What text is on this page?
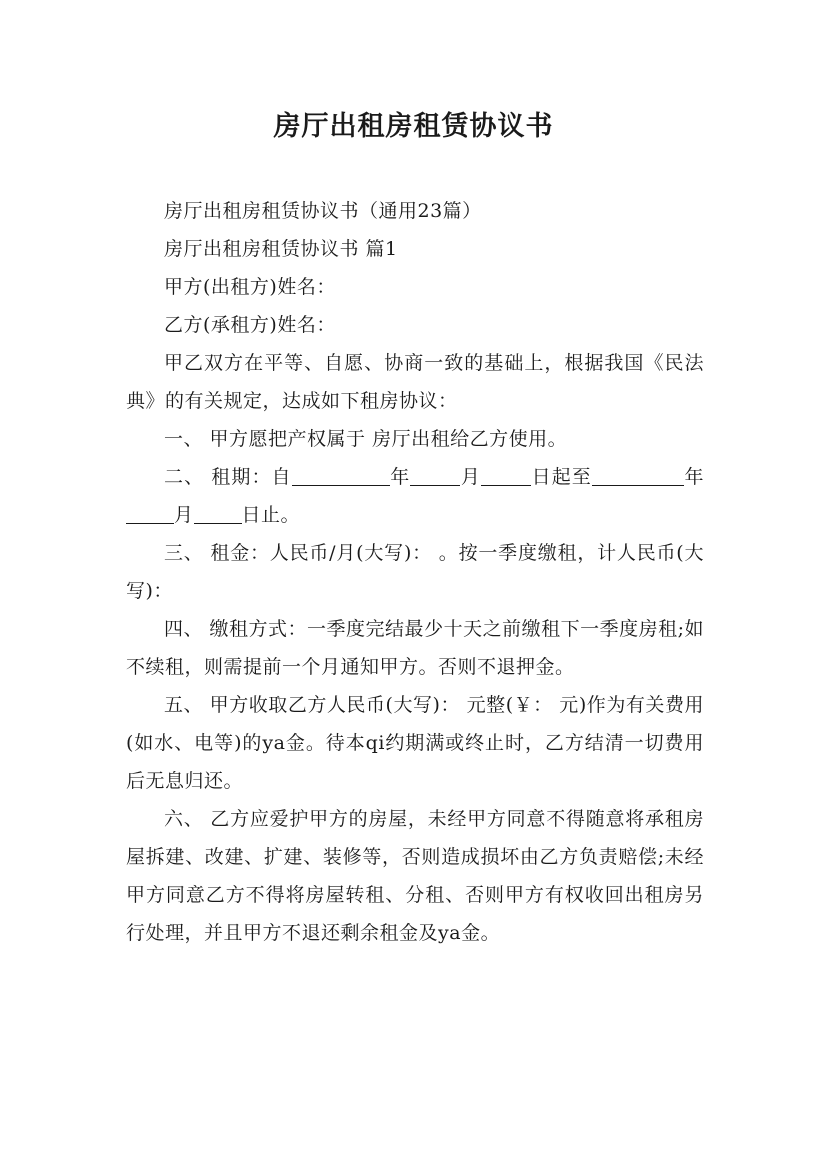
房厅出租房租赁协议书

房厅出租房租赁协议书（通用23篇）

房厅出租房租赁协议书 篇1

甲方(出租方)姓名：

乙方(承租方)姓名：

甲乙双方在平等、自愿、协商一致的基础上，根据我国《民法典》的有关规定，达成如下租房协议：

一、 甲方愿把产权属于 房厅出租给乙方使用。

二、 租期：自	年	月	日起至	年月	日止。

三、 租金：人民币/月(大写)： 。按一季度缴租，计人民币(大写)：

四、 缴租方式：一季度完结最少十天之前缴租下一季度房租;如不续租，则需提前一个月通知甲方。否则不退押金。

五、 甲方收取乙方人民币(大写)： 元整(￥： 元)作为有关费用(如水、电等)的ya金。待本qi约期满或终止时，乙方结清一切费用后无息归还。

六、 乙方应爱护甲方的房屋，未经甲方同意不得随意将承租房屋拆建、改建、扩建、装修等，否则造成损坏由乙方负责赔偿;未经甲方同意乙方不得将房屋转租、分租、否则甲方有权收回出租房另行处理，并且甲方不退还剩余租金及ya金。
